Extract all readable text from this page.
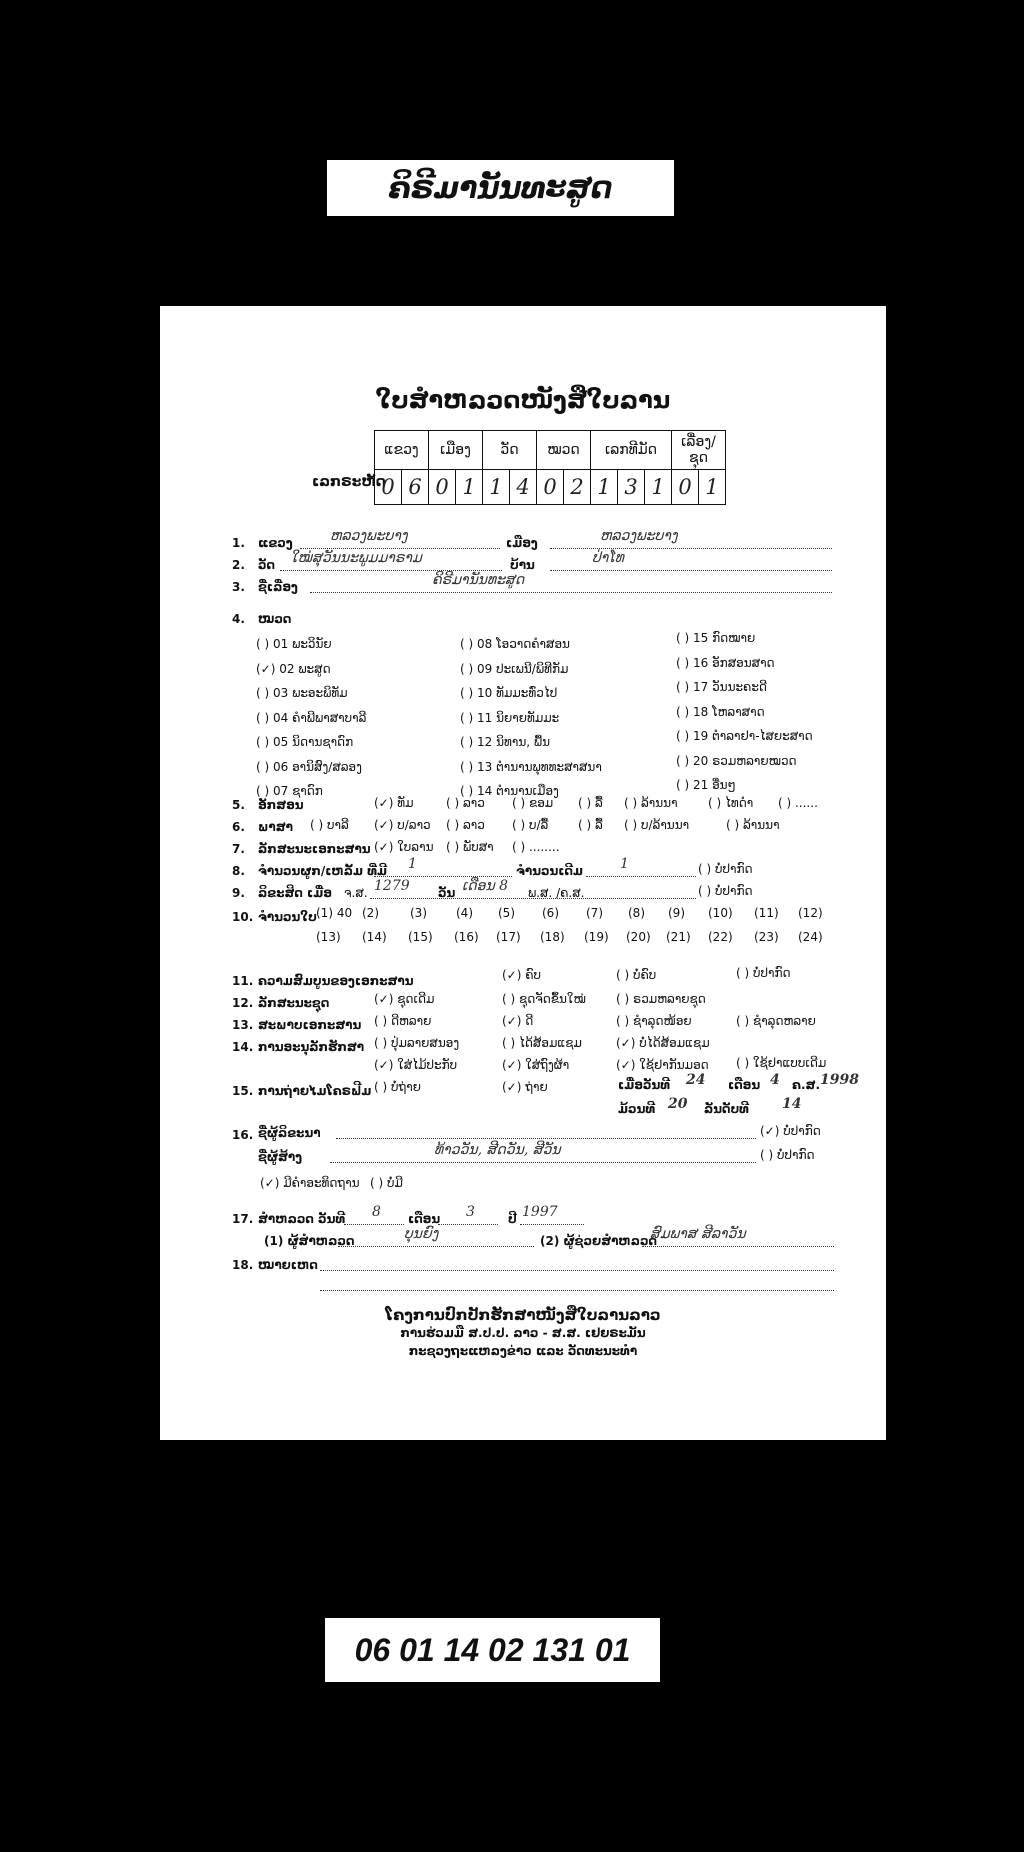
ຄິຣີມານັນທະສູດ
ໃບສຳຫລວດໜັງສືໃບລານ
ເລກຣະຫັດ
ແຂວງ		ເມືອງ		ວັດ		ໝວດ		ເລກທີມັດ			ເລື່ອງ/ຊຸດ	
0	6	0	1	1	4	0	2	1	3	1	0	1
1. ແຂວງ	ຫລວງພະບາງ	ເມືອງ	ຫລວງພະບາງ
2. ວັດ ໃໝ່ສຸວັນນະພູມມາຣາມ	ບ້ານ	ປ່າໂທ
3. ຊື່ເລື່ອງ	ຄິຣີມານັນທະສູດ
4. ໝວດ
( ) 01 ພະວິນັຍ
(✓) 02 ພະສູດ
( ) 03 ພະອະພິທັມ
( ) 04 ຄຳພີພາສາບາລີ
( ) 05 ນິດານຊາດົກ
( ) 06 ອານິສົງ/ສລອງ
( ) 07 ຊາດົກ
( ) 08 ໂອວາດຄຳສອນ
( ) 09 ປະເພນີ/ພິທີກັມ
( ) 10 ທັມມະທົ່ວໄປ
( ) 11 ນິຍາຍທັມມະ
( ) 12 ນິທານ, ພື້ນ
( ) 13 ຕຳນານພຸທທະສາສນາ
( ) 14 ຕຳນານເມືອງ
( ) 15 ກົດໝາຍ
( ) 16 ອັກສອນສາດ
( ) 17 ວັນນະຄະດີ
( ) 18 ໂຫລາສາດ
( ) 19 ຕຳລາຢາ-ໄສຍະສາດ
( ) 20 ຣວມຫລາຍໝວດ
( ) 21 ອື່ນໆ
5. ອັກສອນ	(✓) ທັມ	( ) ລາວ ( ) ຂອມ ( ) ລື້ ( ) ລ້ານນາ	( ) ໄທດຳ ( ) ......
6. ພາສາ ( ) ບາລີ (✓) ບ/ລາວ ( ) ລາວ ( ) ບ/ລື້ ( ) ລື້ ( ) ບ/ລ້ານນາ	( ) ລ້ານນາ
7. ລັກສະນະເອກະສານ (✓) ໃບລານ ( ) ພັບສາ ( ) ........
8. ຈຳນວນຜູກ/ເຫລັ້ມ ທີ່ມີ 1	ຈຳນວນເດີມ	1	( ) ບໍ່ປາກົດ
9. ລິຂະສິດ ເມື່ອ ຈ.ສ. 1279 ວັນ ເດືອນ 8 ພ.ສ. /ຄ.ສ.	( ) ບໍ່ປາກົດ
10. ຈຳນວນໃບ (1) 40 (2)	(3) (4) (5) (6) (7) (8) (9) (10) (11) (12)
(13) (14) (15) (16) (17) (18) (19) (20) (21) (22) (23) (24)
11. ຄວາມສົມບູນຂອງເອກະສານ	(✓) ຄົບ	( ) ບໍ່ຄົບ	( ) ບໍ່ປາກົດ
12. ລັກສະນະຊຸດ	(✓) ຊຸດເດີມ	( ) ຊຸດຈັດຂຶ້ນໃໝ່	( ) ຣວມຫລາຍຊຸດ
13. ສະພາບເອກະສານ ( ) ດີຫລາຍ	(✓) ດີ	( ) ຊຳລຸດໜ້ອຍ	( ) ຊຳລຸດຫລາຍ
14. ການອະນຸລັກຮັກສາ ( ) ປຸ່ມລາຍສນອງ	( ) ໄດ້ສ້ອມແຊມ	(✓) ບໍ່ໄດ້ສ້ອມແຊມ
(✓) ໃສ່ໄມ້ປະກັບ	(✓) ໃສ່ຖົງຜ້າ	(✓) ໃຊ້ຢາກັນມອດ ( ) ໃຊ້ຢາແບບເດີມ
15. ການຖ່າຍໄມໂຄຣຟີມ ( ) ບໍ່ຖ່າຍ	(✓) ຖ່າຍ	ເມື່ອວັນທີ 24 ເດືອນ 4 ຄ.ສ. 1998
ມ້ວນທີ 20 ລັນດັບທີ 14
16. ຊື່ຜູ້ລິຂະນາ	(✓) ບໍ່ປາກົດ
ຊື່ຜູ້ສ້າງ	ທ້າວວັນ, ສີດວັນ, ສີວັນ	( ) ບໍ່ປາກົດ
(✓) ມີຄຳອະທິດຖານ ( ) ບໍ່ມີ
17. ສຳຫລວດ ວັນທີ 8 ເດືອນ 3	ປີ 1997
(1) ຜູ້ສຳຫລວດ	ບຸນຍົງ	(2) ຜູ້ຊ່ວຍສຳຫລວດ
ສົມພາສ ສີລາວັນ
18. ໝາຍເຫດ
ໂຄງການປົກປັກຮັກສາໜັງສືໃບລານລາວ
ການຮ່ວມມື ສ.ປ.ປ. ລາວ - ສ.ສ. ເຢຍຣະມັນ
ກະຊວງຖະແຫລງຂ່າວ ແລະ ວັດທະນະທຳ
06 01 14 02 131 01
